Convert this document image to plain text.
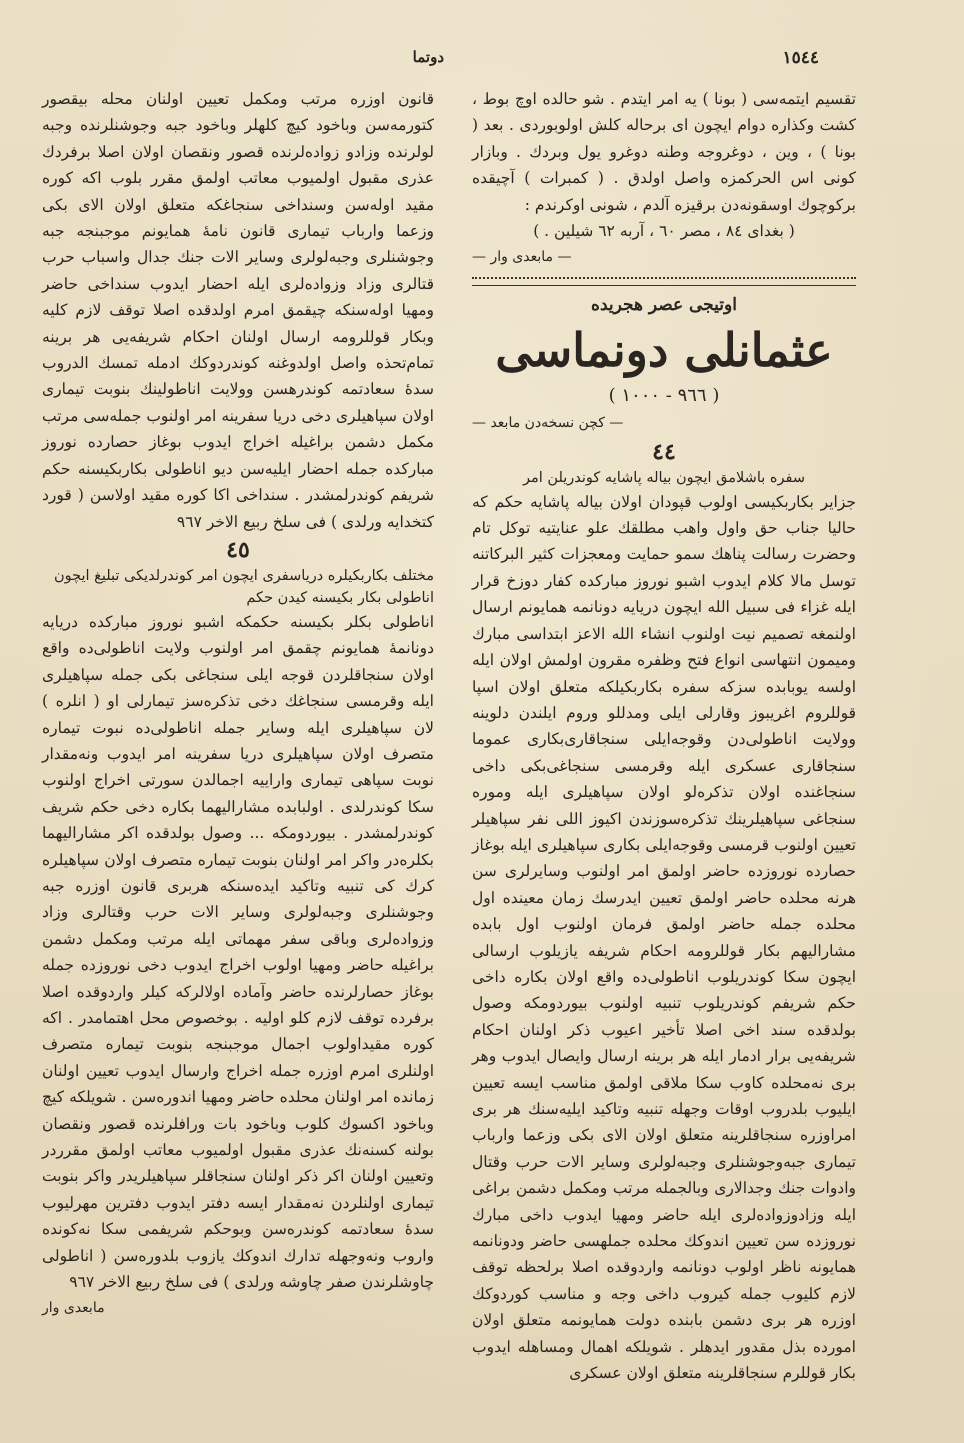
١٥٤٤
دوتما

تقسیم ایتمه‌سی ( بونا ) یه امر ایتدم . شو حالده اوچ بوط ، کشت وکذاره دوام ایچون ای برحاله کلش اولوبوردی . بعد ( بونا ) ، وین ، دوغروجه وطنه دوغرو یول وبردك . وبازار کونی اس الحرکمزه واصل اولدق . ( کمبرات ) آچیقده برکوچوك اوسقونه‌دن برقیزه آلدم ، شونی اوکرندم :

( بغدای ٨٤ ، مصر ٦٠ ، آربه ٦٢ شیلین . )

— مابعدی وار —

اوتیجی عصر هجریده

عثمانلی دونماسی

( ٩٦٦ - ١٠٠٠ )

— کچن نسخه‌دن مابعد —

٤٤

سفره باشلامق ایچون بیاله پاشایه کوندریلن امر

جزایر بکاربکیسی اولوب قپودان اولان بیاله پاشایه حکم که حالیا جناب حق واول واهب مطلقك علو عنایتیه توکل تام وحضرت رسالت پناهك سمو حمایت ومعجزات کثیر البرکاتنه توسل مالا کلام ایدوب اشبو نوروز مبارکده کفار دوزخ قرار ایله غزاء فی سبیل الله ایچون دریایه دونانمه همایونم ارسال اولنمغه تصمیم نیت اولنوب انشاء الله الاعز ابتداسی مبارك ومیمون انتهاسی انواع فتح وظفره مقرون اولمش اولان ایله اولسه یوبابده سزکه سفره بکاربکیلکه متعلق اولان اسپا قوللروم اغریبوز وقارلی ایلی ومدللو وروم ایلندن دلوینه وولایت اناطولی‌دن وقوجه‌ایلی سنجاقاری‌بکاری عموما سنجاقاری عسکری ایله وقرمسی سنجاغی‌بکی داخی سنجاغنده اولان تذکره‌لو اولان سپاهیلری ایله وموره سنجاغی سپاهیلرینك تذکره‌سوزندن اکیوز اللی نفر سپاهیلر تعیین اولنوب قرمسی وقوجه‌ایلی بکاری سپاهیلری ایله بوغاز حصارده نوروزده حاضر اولمق امر اولنوب وسایرلری سن هرنه محلده حاضر اولمق تعیین ایدرسك زمان معینده اول محلده جمله حاضر اولمق فرمان اولنوب اول بابده مشارالیهم بکار قوللرومه احکام شریفه یازیلوب ارسالی ایچون سکا کوندریلوب اناطولی‌ده واقع اولان بکاره داخی حکم شریفم کوندریلوب تنبیه اولنوب بیوردومکه وصول بولدقده سند اخی اصلا تأخیر اعیوب ذکر اولنان احکام شریفه‌یی برار ادمار ایله هر برینه ارسال وایصال ایدوب وهر بری نه‌محلده کاوب سکا ملاقی اولمق مناسب ایسه تعیین ایلیوب بلدروب اوقات وجهله تنبیه وتاکید ایلیه‌سنك هر بری امراوزره سنجاقلرینه متعلق اولان الای بکی وزعما وارباب تیماری جبه‌وجوشنلری وجبه‌لولری وسایر الات حرب وقتال وادوات جنك وجدالاری وبالجمله مرتب ومکمل دشمن براغی ایله وزادوزواده‌لری ایله حاضر ومهیا ایدوب داخی مبارك نوروزده سن تعیین اندوکك محلده جملهسی حاضر ودونانمه همایونه ناظر اولوب دونانمه واردوقده اصلا برلحظه توقف لازم کلیوب جمله کیروب داخی وجه و مناسب کوردوکك اوزره هر بری دشمن بابنده دولت همایونمه متعلق اولان امورده بذل مقدور ایدهلر . شویلکه اهمال ومساهله ایدوب بکار قوللرم سنجاقلرینه متعلق اولان عسکری

قانون اوزره مرتب ومکمل تعیین اولنان محله بیقصور کتورمه‌سن وباخود کیچ کلهلر وباخود جبه وجوشنلرنده وجبه لولرنده وزادو زواده‌لرنده قصور ونقصان اولان اصلا برفردك عذری مقبول اولمیوب معاتب اولمق مقرر بلوب اکه کوره مقید اوله‌سن وسنداخی سنجاغکه متعلق اولان الای بکی وزعما وارباب تیماری قانون نامهٔ همایونم موجبنجه جبه وجوشنلری وجبه‌لولری وسایر الات جنك جدال واسباب حرب قتالری وزاد وزواده‌لری ایله احضار ایدوب سنداخی حاضر ومهیا اوله‌سنکه چیقمق امرم اولدقده اصلا توقف لازم کلیه وبکار قوللرومه ارسال اولنان احکام شریفه‌یی هر برینه تمام‌تحذه واصل اولدوغنه کوندردوکك ادمله تمسك الدروب سدهٔ سعادتمه کوندرهسن وولایت اناطولینك بنوبت تیماری اولان سپاهیلری دخی دریا سفرینه امر اولنوب جمله‌سی مرتب مکمل دشمن براغیله اخراج ایدوب بوغاز حصارده نوروز مبارکده جمله احضار ایلیه‌سن دیو اناطولی بکاربکیسنه حکم شریفم کوندرلمشدر . سنداخی اکا کوره مقید اولاسن ( قورد کتخدایه ورلدی ) فی سلخ ربیع الاخر ٩٦٧

٤٥

مختلف بکاربکیلره دریاسفری ایچون امر کوندرلدیکی تبلیغ ایچون اناطولی بکار بکیسنه کیدن حکم

اناطولی بکلر بکیسنه حکمکه اشبو نوروز مبارکده دریایه دونانمهٔ همایونم چقمق امر اولنوب ولایت اناطولی‌ده واقع اولان سنجاقلردن قوجه ایلی سنجاغی بکی جمله سپاهیلری ایله وقرمسی سنجاغك دخی تذکره‌سز تیمارلی او ( انلره ) لان سپاهیلری ایله وسایر جمله اناطولی‌ده نبوت تیماره متصرف اولان سپاهیلری دریا سفرینه امر ایدوب ونه‌مقدار نوبت سپاهی تیماری واراییه اجمالدن سورتی اخراج اولنوب سکا کوندرلدی . اولبابده مشارالیهما بکاره دخی حکم شریف کوندرلمشدر . بیوردومکه ... وصول بولدقده اکر مشارالیهما بکلره‌در واکر امر اولنان بنوبت تیماره متصرف اولان سپاهیلره کرك کی تنبیه وتاکید ایده‌سنكه هربری قانون اوزره جبه وجوشنلری وجبه‌لولری وسایر الات حرب وقتالری وزاد وزواده‌لری وباقی سفر مهماتی ایله مرتب ومکمل دشمن براغیله حاضر ومهیا اولوب اخراج ایدوب دخی نوروزده جمله بوغاز حصارلرنده حاضر وآماده اولالرکه کیلر واردوقده اصلا برفرده توقف لازم کلو اولیه . بوخصوص محل اهتمامدر . اکه کوره مقیداولوب اجمال موجبنجه بنوبت تیماره متصرف اولنلری امرم اوزره جمله اخراج وارسال ایدوب تعیین اولنان زمانده امر اولنان محلده حاضر ومهیا اندوره‌سن . شویلکه کیچ وباخود اکسوك کلوب وباخود بات ورافلرنده قصور ونقصان بولنه کسنه‌نك عذری مقبول اولمیوب معاتب اولمق مقرردر وتعیین اولنان اکر ذکر اولنان سنجاقلر سپاهیلریدر واکر بنوبت تیماری اولنلردن نه‌مقدار ایسه دفتر ایدوب دفترین مهرلیوب سدهٔ سعادتمه کوندره‌سن وبوحکم شریفمی سکا نه‌کونده واروب ونه‌وجهله تدارك اندوکك یازوب بلدوره‌سن ( اناطولی چاوشلرندن صفر چاوشه ورلدی ) فی سلخ ربیع الاخر ٩٦٧

مابعدی وار
